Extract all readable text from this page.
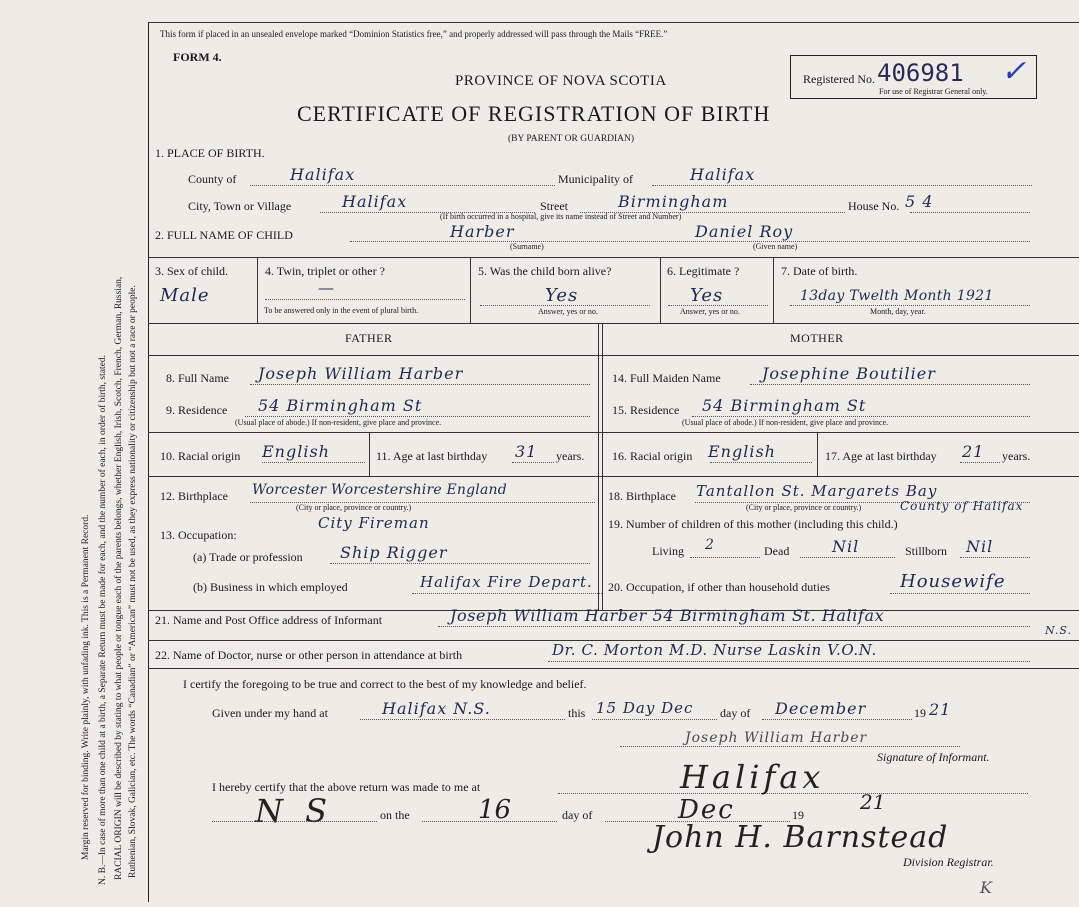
Margin reserved for binding. Write plainly, with unfading ink. This is a Permanent Record. N. B.—In case of more than one child at a birth, a Separate Return must be made for each, and the number of each, in order of birth, stated. RACIAL ORIGIN will be described by stating to what people or tongue each of the parents belongs, whether English, Irish, Scotch, French, German, Russian, Ruthenian, Slovak, Galician, etc. The words “Canadian” or “American” must not be used, as they express nationality or citizenship but not a race or people.
This form if placed in an unsealed envelope marked “Dominion Statistics free,” and properly addressed will pass through the Mails “FREE.”
FORM 4.
PROVINCE OF NOVA SCOTIA
CERTIFICATE OF REGISTRATION OF BIRTH
(BY PARENT OR GUARDIAN)
Registered No. 406981 ✓
For use of Registrar General only.
1. PLACE OF BIRTH.
County of	Halifax	Municipality of	Halifax
City, Town or Village	Halifax	Street	Birmingham
(If birth occurred in a hospital, give its name instead of Street and Number)
House No. 5 4
2. FULL NAME OF CHILD	Harber
(Surname)
Daniel Roy
(Given name)
3. Sex of child.
Male
4. Twin, triplet or other ?
—
To be answered only in the event of plural birth.
5. Was the child born alive?
Yes
Answer, yes or no.
6. Legitimate ?
Yes
Answer, yes or no.
7. Date of birth.
13day Twelth Month 1921
Month, day, year.
FATHER	MOTHER
8. Full Name Joseph William Harber
9. Residence 54 Birmingham St
(Usual place of abode.) If non-resident, give place and province.
10. Racial origin English	11. Age at last birthday 31 years.
12. Birthplace Worcester Worcestershire England
(City or place, province or country.)
City Fireman
13. Occupation:
(a) Trade or profession Ship Rigger
(b) Business in which employed	Halifax Fire Depart.
14. Full Maiden Name	Josephine Boutilier
15. Residence 54 Birmingham St
(Usual place of abode.) If non-resident, give place and province.
16. Racial origin English	17. Age at last birthday 21 years.
18. Birthplace Tantallon St. Margarets Bay
County of Halifax
(City or place, province or country.)
19. Number of children of this mother (including this child.)
Living 2	Dead	Nil	Stillborn Nil
20. Occupation, if other than household duties	Housewife
21. Name and Post Office address of Informant	Joseph William Harber 54 Birmingham St. Halifax
N.S.
22. Name of Doctor, nurse or other person in attendance at birth	Dr. C. Morton M.D. Nurse Laskin V.O.N.
I certify the foregoing to be true and correct to the best of my knowledge and belief.
Given under my hand at	Halifax N.S.	this 15 Day Dec day of December	19 21
Joseph William Harber
Signature of Informant.
I hereby certify that the above return was made to me at	Halifax
N S	on the	16	day of	Dec	19
21
John H. Barnstead
Division Registrar.
K
